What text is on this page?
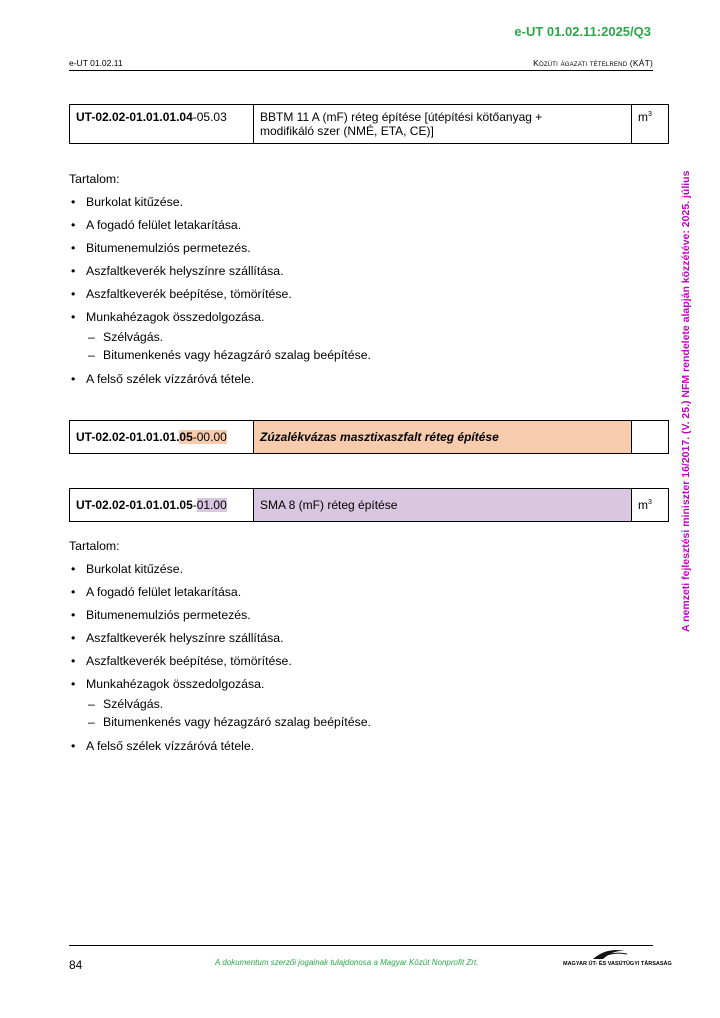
e-UT 01.02.11:2025/Q3
e-UT 01.02.11	Közúti ágazati tételrend (KÁT)
A nemzeti fejlesztési miniszter 16/2017. (V. 25.) NFM rendelete alapján közzétéve: 2025. július
UT-02.02-01.01.01.04-05.03	BBTM 11 A (mF) réteg építése [útépítési kötőanyag + modifikáló szer (NMÉ, ETA, CE)]	$m^3$

Tartalom:

• Burkolat kitűzése.
• A fogadó felület letakarítása.
• Bitumenemulziós permetezés.
• Aszfaltkeverék helyszínre szállítása.
• Aszfaltkeverék beépítése, tömörítése.
• Munkahézagok összedolgozása.
– Szélvágás.
– Bitumenkenés vagy hézagzáró szalag beépítése.
• A felső szélek vízzáróvá tétele.
UT-02.02-01.01.01.05-00.00	Zúzalékvázas masztixaszfalt réteg építése	
UT-02.02-01.01.01.05-01.00	SMA 8 (mF) réteg építése	$m^3$

Tartalom:

• Burkolat kitűzése.
• A fogadó felület letakarítása.
• Bitumenemulziós permetezés.
• Aszfaltkeverék helyszínre szállítása.
• Aszfaltkeverék beépítése, tömörítése.
• Munkahézagok összedolgozása.
– Szélvágás.
– Bitumenkenés vagy hézagzáró szalag beépítése.
• A felső szélek vízzáróvá tétele.
84	A dokumentum szerzői jogainak tulajdonosa a Magyar Közút Nonprofit Zrt.	MAGYAR ÚT- ÉS VASÚTÜGYI TÁRSASÁG
